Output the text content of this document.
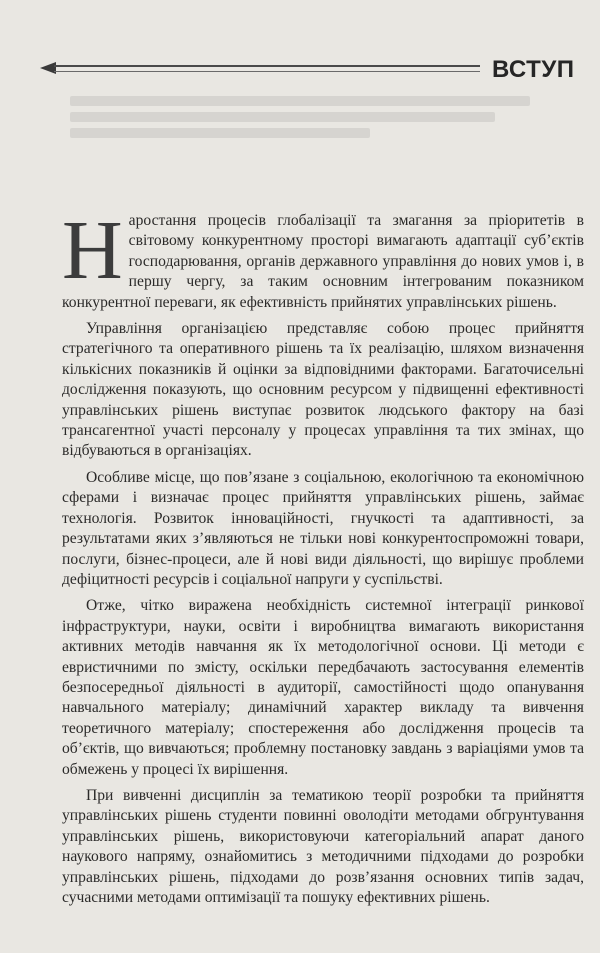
ВСТУП

Наростання процесів глобалізації та змагання за пріоритетів в світовому конкурентному просторі вимагають адаптації суб’єктів господарювання, органів державного управління до нових умов і, в першу чергу, за таким основним інтегрованим показником конкурентної переваги, як ефективність прийнятих управлінських рішень.

Управління організацією представляє собою процес прийняття стратегічного та оперативного рішень та їх реалізацію, шляхом визначення кількісних показників й оцінки за відповідними факторами. Багаточисельні дослідження показують, що основним ресурсом у підвищенні ефективності управлінських рішень виступає розвиток людського фактору на базі трансагентної участі персоналу у процесах управління та тих змінах, що відбуваються в організаціях.

Особливе місце, що пов’язане з соціальною, екологічною та економічною сферами і визначає процес прийняття управлінських рішень, займає технологія. Розвиток інноваційності, гнучкості та адаптивності, за результатами яких з’являються не тільки нові конкурентоспроможні товари, послуги, бізнес-процеси, але й нові види діяльності, що вирішує проблеми дефіцитності ресурсів і соціальної напруги у суспільстві.

Отже, чітко виражена необхідність системної інтеграції ринкової інфраструктури, науки, освіти і виробництва вимагають використання активних методів навчання як їх методологічної основи. Ці методи є евристичними по змісту, оскільки передбачають застосування елементів безпосередньої діяльності в аудиторії, самостійності щодо опанування навчального матеріалу; динамічний характер викладу та вивчення теоретичного матеріалу; спостереження або дослідження процесів та об’єктів, що вивчаються; проблемну постановку завдань з варіаціями умов та обмежень у процесі їх вирішення.

При вивченні дисциплін за тематикою теорії розробки та прийняття управлінських рішень студенти повинні оволодіти методами обгрунтування управлінських рішень, використовуючи категоріальний апарат даного наукового напряму, ознайомитись з методичними підходами до розробки управлінських рішень, підходами до розв’язання основних типів задач, сучасними методами оптимізації та пошуку ефективних рішень.
